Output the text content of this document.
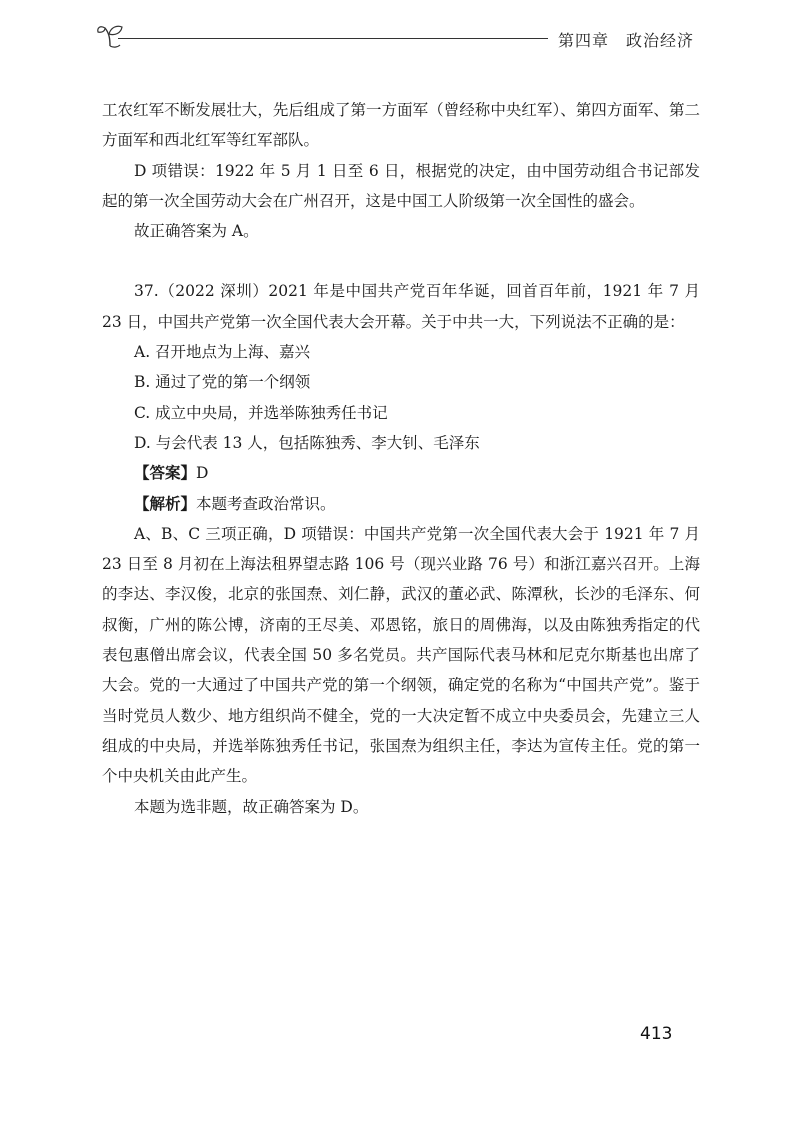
第四章　政治经济

工农红军不断发展壮大，先后组成了第一方面军（曾经称中央红军）、第四方面军、第二方面军和西北红军等红军部队。

D 项错误：1922 年 5 月 1 日至 6 日，根据党的决定，由中国劳动组合书记部发起的第一次全国劳动大会在广州召开，这是中国工人阶级第一次全国性的盛会。

故正确答案为 A。

37.（2022 深圳）2021 年是中国共产党百年华诞，回首百年前，1921 年 7 月 23 日，中国共产党第一次全国代表大会开幕。关于中共一大，下列说法不正确的是：

A. 召开地点为上海、嘉兴

B. 通过了党的第一个纲领

C. 成立中央局，并选举陈独秀任书记

D. 与会代表 13 人，包括陈独秀、李大钊、毛泽东

【答案】D

【解析】本题考查政治常识。

A、B、C 三项正确，D 项错误：中国共产党第一次全国代表大会于 1921 年 7 月 23 日至 8 月初在上海法租界望志路 106 号（现兴业路 76 号）和浙江嘉兴召开。上海的李达、李汉俊，北京的张国焘、刘仁静，武汉的董必武、陈潭秋，长沙的毛泽东、何叔衡，广州的陈公博，济南的王尽美、邓恩铭，旅日的周佛海，以及由陈独秀指定的代表包惠僧出席会议，代表全国 50 多名党员。共产国际代表马林和尼克尔斯基也出席了大会。党的一大通过了中国共产党的第一个纲领，确定党的名称为“中国共产党”。鉴于当时党员人数少、地方组织尚不健全，党的一大决定暂不成立中央委员会，先建立三人组成的中央局，并选举陈独秀任书记，张国焘为组织主任，李达为宣传主任。党的第一个中央机关由此产生。

本题为选非题，故正确答案为 D。

413
